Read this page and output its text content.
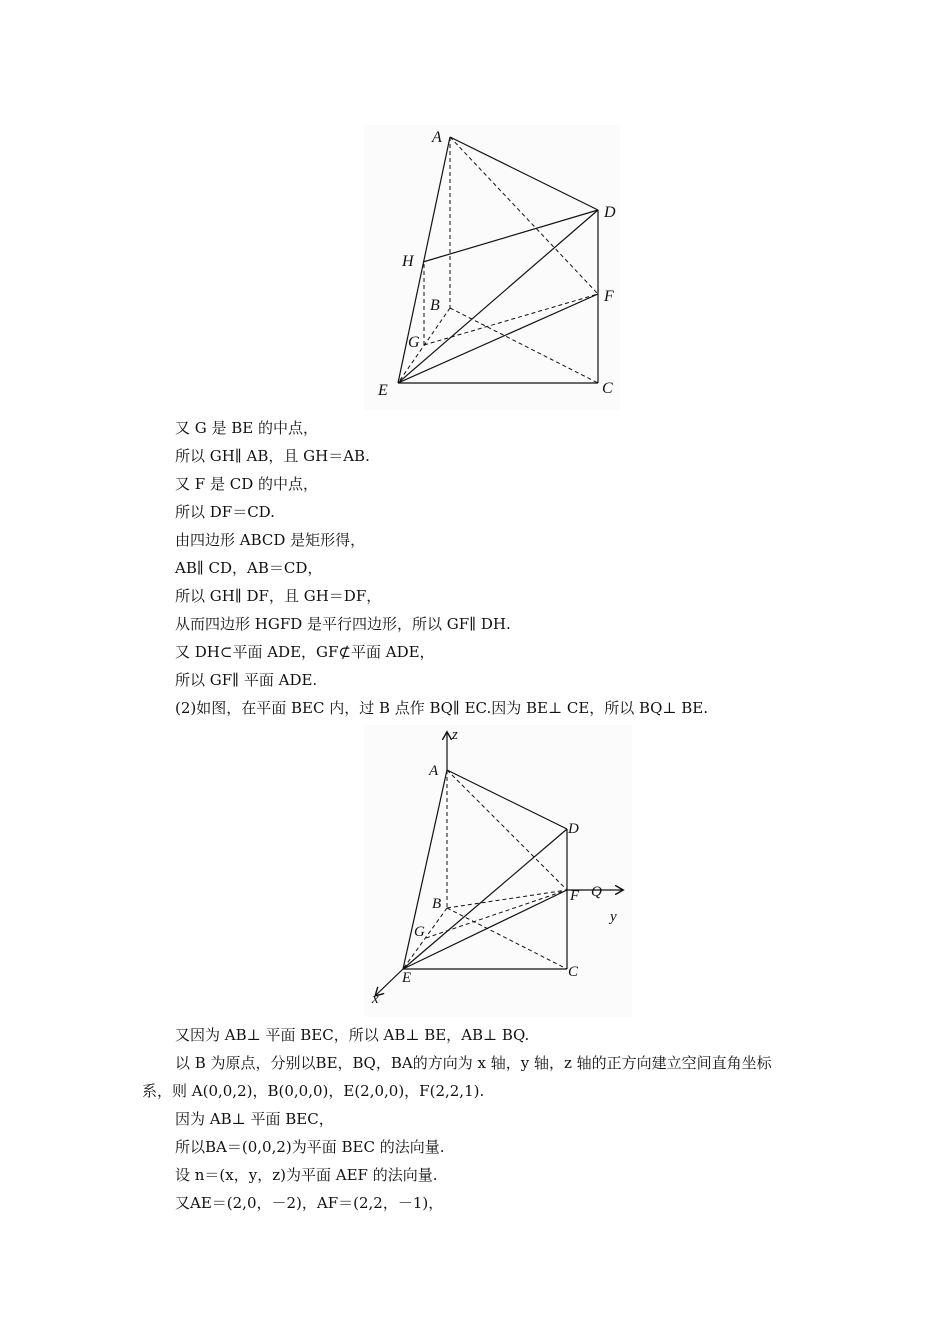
A
D
H
B
F
G
E	C
又 G 是 BE 的中点，
所以 GH∥ AB，且 GH＝AB.
又 F 是 CD 的中点，
所以 DF＝CD.
由四边形 ABCD 是矩形得，
AB∥ CD，AB＝CD，
所以 GH∥ DF，且 GH＝DF，
从而四边形 HGFD 是平行四边形，所以 GF∥ DH.
又 DH⊂平面 ADE，GF⊄平面 ADE，
所以 GF∥ 平面 ADE.
(2)如图，在平面 BEC 内，过 B 点作 BQ∥ EC.因为 BE⊥ CE，所以 BQ⊥ BE.
z
A
D
Q
F
y
B
G
E	C
x
又因为 AB⊥ 平面 BEC，所以 AB⊥ BE，AB⊥ BQ.
以 B 为原点，分别以BE，BQ，BA的方向为 x 轴，y 轴，z 轴的正方向建立空间直角坐标
系，则 A(0,0,2)，B(0,0,0)，E(2,0,0)，F(2,2,1).
因为 AB⊥ 平面 BEC，
所以BA＝(0,0,2)为平面 BEC 的法向量.
设 n＝(x，y，z)为平面 AEF 的法向量.
又AE＝(2,0，－2)，AF＝(2,2，－1)，
